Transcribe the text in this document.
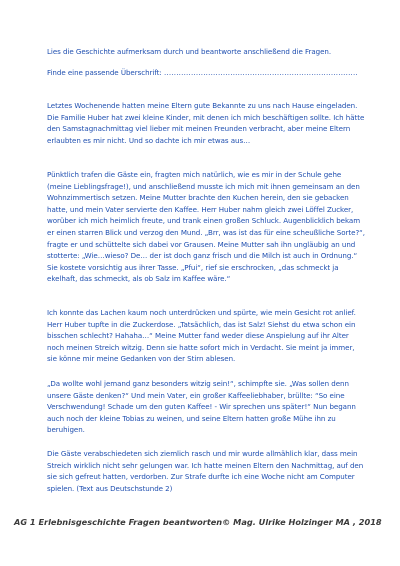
Lies die Geschichte aufmerksam durch und beantworte anschließend die Fragen.

Finde eine passende Überschrift: ...............................................................................

Letztes Wochenende hatten meine Eltern gute Bekannte zu uns nach Hause eingeladen. Die Familie Huber hat zwei kleine Kinder, mit denen ich mich beschäftigen sollte. Ich hätte den Samstagnachmittag viel lieber mit meinen Freunden verbracht, aber meine Eltern erlaubten es mir nicht. Und so dachte ich mir etwas aus…

Pünktlich trafen die Gäste ein, fragten mich natürlich, wie es mir in der Schule gehe (meine Lieblingsfrage!), und anschließend musste ich mich mit ihnen gemeinsam an den Wohnzimmertisch setzen. Meine Mutter brachte den Kuchen herein, den sie gebacken hatte, und mein Vater servierte den Kaffee. Herr Huber nahm gleich zwei Löffel Zucker, worüber ich mich heimlich freute, und trank einen großen Schluck. Augenblicklich bekam er einen starren Blick und verzog den Mund. „Brr, was ist das für eine scheußliche Sorte?“, fragte er und schüttelte sich dabei vor Grausen. Meine Mutter sah ihn ungläubig an und stotterte: „Wie…wieso? De… der ist doch ganz frisch und die Milch ist auch in Ordnung.“ Sie kostete vorsichtig aus ihrer Tasse. „Pfui“, rief sie erschrocken, „das schmeckt ja ekelhaft, das schmeckt, als ob Salz im Kaffee wäre.“

Ich konnte das Lachen kaum noch unterdrücken und spürte, wie mein Gesicht rot anlief. Herr Huber tupfte in die Zuckerdose. „Tatsächlich, das ist Salz! Siehst du etwa schon ein bisschen schlecht? Hahaha…“ Meine Mutter fand weder diese Anspielung auf ihr Alter noch meinen Streich witzig. Denn sie hatte sofort mich in Verdacht. Sie meint ja immer, sie könne mir meine Gedanken von der Stirn ablesen.

„Da wollte wohl jemand ganz besonders witzig sein!“, schimpfte sie. „Was sollen denn unsere Gäste denken?“ Und mein Vater, ein großer Kaffeeliebhaber, brüllte: “So eine Verschwendung! Schade um den guten Kaffee! - Wir sprechen uns später!“ Nun begann auch noch der kleine Tobias zu weinen, und seine Eltern hatten große Mühe ihn zu beruhigen.

Die Gäste verabschiedeten sich ziemlich rasch und mir wurde allmählich klar, dass mein Streich wirklich nicht sehr gelungen war. Ich hatte meinen Eltern den Nachmittag, auf den sie sich gefreut hatten, verdorben. Zur Strafe durfte ich eine Woche nicht am Computer spielen. (Text aus Deutschstunde 2)

AG 1 Erlebnisgeschichte Fragen beantworten© Mag. Ulrike Holzinger MA , 2018
